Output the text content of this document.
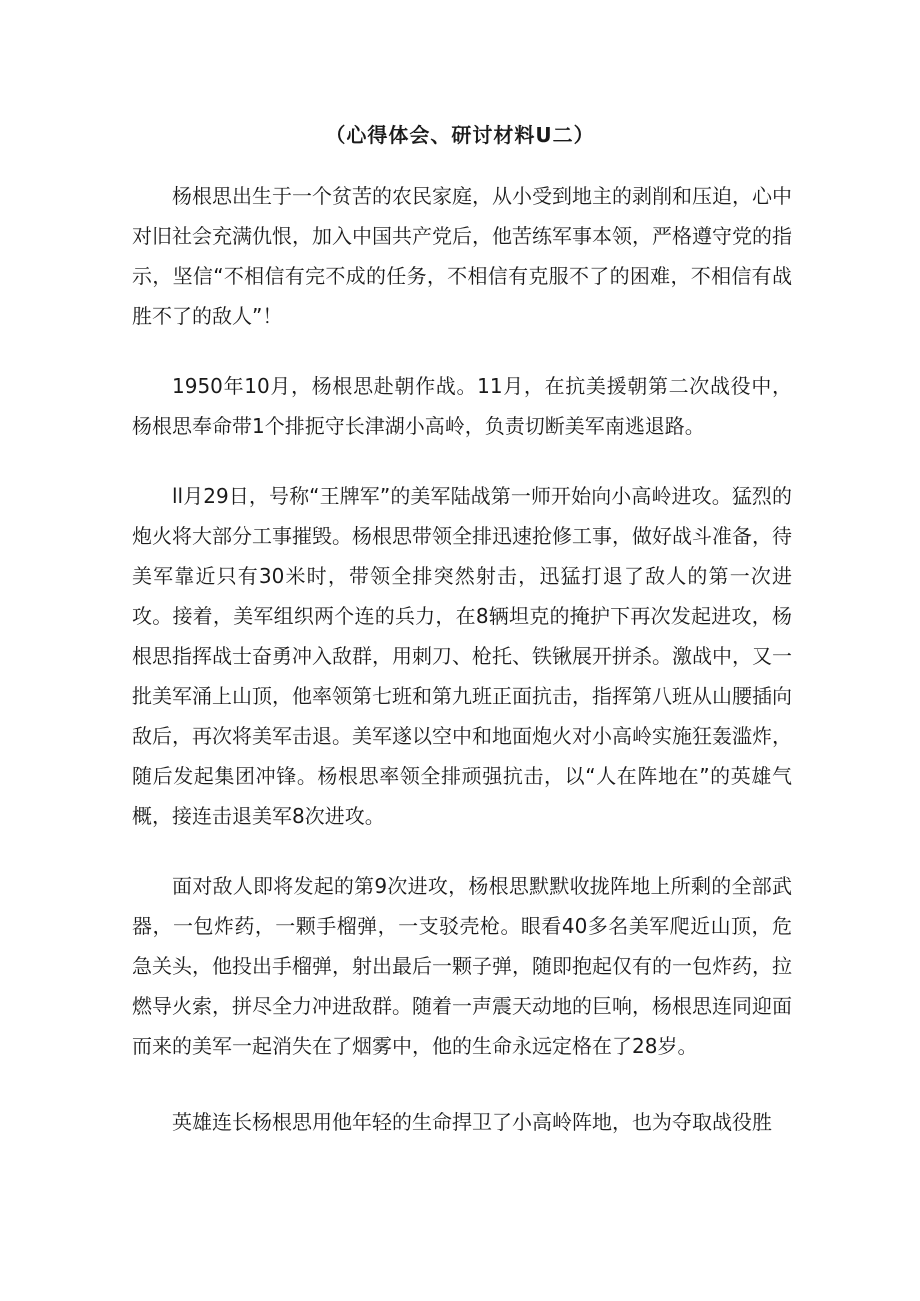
（心得体会、研讨材料U二）

杨根思出生于一个贫苦的农民家庭，从小受到地主的剥削和压迫，心中对旧社会充满仇恨，加入中国共产党后，他苦练军事本领，严格遵守党的指示，坚信“不相信有完不成的任务，不相信有克服不了的困难，不相信有战胜不了的敌人”！

1950年10月，杨根思赴朝作战。11月，在抗美援朝第二次战役中，杨根思奉命带1个排扼守长津湖小高岭，负责切断美军南逃退路。

ll月29日，号称“王牌军”的美军陆战第一师开始向小高岭进攻。猛烈的炮火将大部分工事摧毁。杨根思带领全排迅速抢修工事，做好战斗准备，待美军靠近只有30米时，带领全排突然射击，迅猛打退了敌人的第一次进攻。接着，美军组织两个连的兵力，在8辆坦克的掩护下再次发起进攻，杨根思指挥战士奋勇冲入敌群，用刺刀、枪托、铁锹展开拼杀。激战中，又一批美军涌上山顶，他率领第七班和第九班正面抗击，指挥第八班从山腰插向敌后，再次将美军击退。美军遂以空中和地面炮火对小高岭实施狂轰滥炸，随后发起集团冲锋。杨根思率领全排顽强抗击，以“人在阵地在”的英雄气概，接连击退美军8次进攻。

面对敌人即将发起的第9次进攻，杨根思默默收拢阵地上所剩的全部武器，一包炸药，一颗手榴弹，一支驳壳枪。眼看40多名美军爬近山顶，危急关头，他投出手榴弹，射出最后一颗子弹，随即抱起仅有的一包炸药，拉燃导火索，拼尽全力冲进敌群。随着一声震天动地的巨响，杨根思连同迎面而来的美军一起消失在了烟雾中，他的生命永远定格在了28岁。

英雄连长杨根思用他年轻的生命捍卫了小高岭阵地，也为夺取战役胜
